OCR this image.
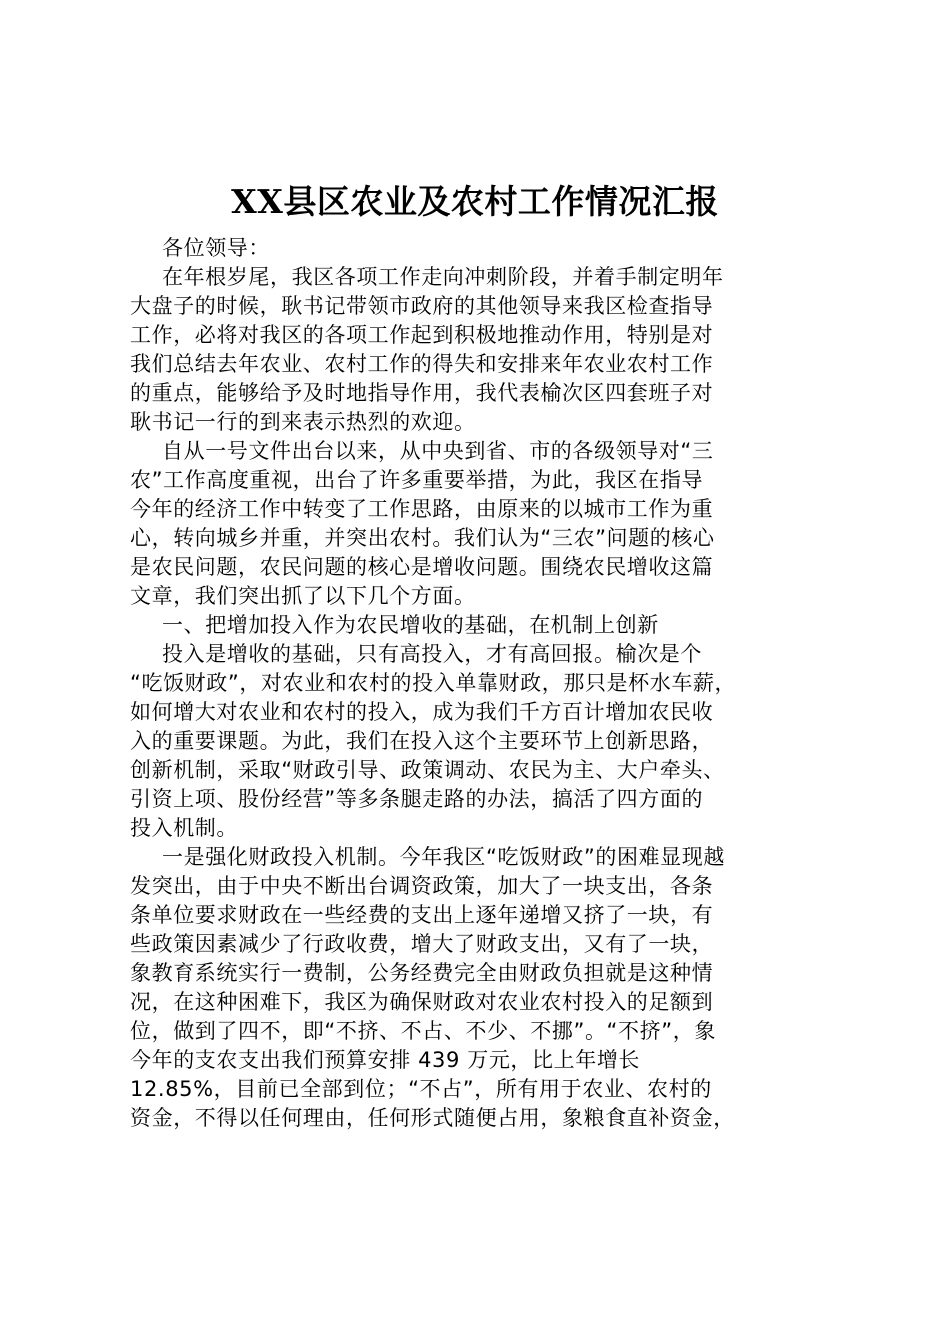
XX县区农业及农村工作情况汇报
各位领导：
在年根岁尾，我区各项工作走向冲刺阶段，并着手制定明年
大盘子的时候，耿书记带领市政府的其他领导来我区检查指导
工作，必将对我区的各项工作起到积极地推动作用，特别是对
我们总结去年农业、农村工作的得失和安排来年农业农村工作
的重点，能够给予及时地指导作用，我代表榆次区四套班子对
耿书记一行的到来表示热烈的欢迎。
自从一号文件出台以来，从中央到省、市的各级领导对“三
农”工作高度重视，出台了许多重要举措，为此，我区在指导
今年的经济工作中转变了工作思路，由原来的以城市工作为重
心，转向城乡并重，并突出农村。我们认为“三农”问题的核心
是农民问题，农民问题的核心是增收问题。围绕农民增收这篇
文章，我们突出抓了以下几个方面。
一、把增加投入作为农民增收的基础，在机制上创新
投入是增收的基础，只有高投入，才有高回报。榆次是个
“吃饭财政”，对农业和农村的投入单靠财政，那只是杯水车薪，
如何增大对农业和农村的投入，成为我们千方百计增加农民收
入的重要课题。为此，我们在投入这个主要环节上创新思路，
创新机制，采取“财政引导、政策调动、农民为主、大户牵头、
引资上项、股份经营”等多条腿走路的办法，搞活了四方面的
投入机制。
一是强化财政投入机制。今年我区“吃饭财政”的困难显现越
发突出，由于中央不断出台调资政策，加大了一块支出，各条
条单位要求财政在一些经费的支出上逐年递增又挤了一块，有
些政策因素减少了行政收费，增大了财政支出，又有了一块，
象教育系统实行一费制，公务经费完全由财政负担就是这种情
况，在这种困难下，我区为确保财政对农业农村投入的足额到
位，做到了四不，即“不挤、不占、不少、不挪”。“不挤”，象
今年的支农支出我们预算安排 439 万元，比上年增长
12.85%，目前已全部到位；“不占”，所有用于农业、农村的
资金，不得以任何理由，任何形式随便占用，象粮食直补资金，
